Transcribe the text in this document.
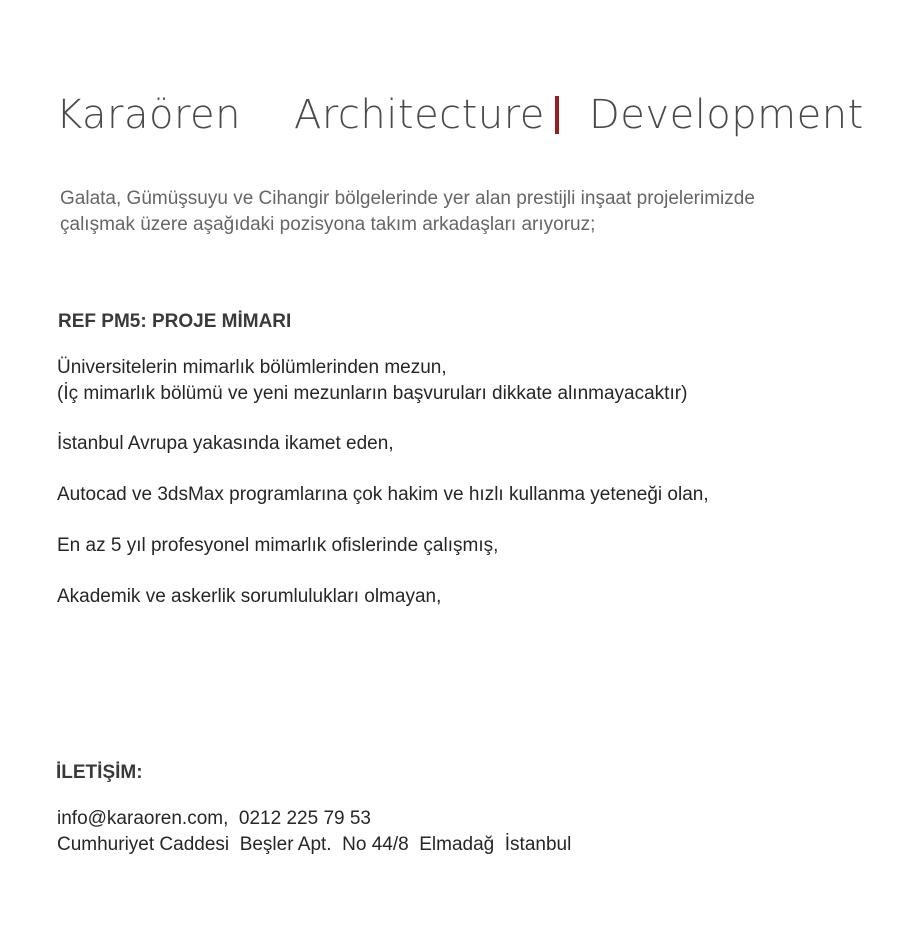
Karaören Architecture Development

Galata, Gümüşsuyu ve Cihangir bölgelerinde yer alan prestijli inşaat projelerimizde
çalışmak üzere aşağıdaki pozisyona takım arkadaşları arıyoruz;

REF PM5: PROJE MİMARI

Üniversitelerin mimarlık bölümlerinden mezun,
(İç mimarlık bölümü ve yeni mezunların başvuruları dikkate alınmayacaktır)

İstanbul Avrupa yakasında ikamet eden,

Autocad ve 3dsMax programlarına çok hakim ve hızlı kullanma yeteneği olan,

En az 5 yıl profesyonel mimarlık ofislerinde çalışmış,

Akademik ve askerlik sorumlulukları olmayan,

İLETİŞİM:

info@karaoren.com,  0212 225 79 53

Cumhuriyet Caddesi  Beşler Apt.  No 44/8  Elmadağ  İstanbul
